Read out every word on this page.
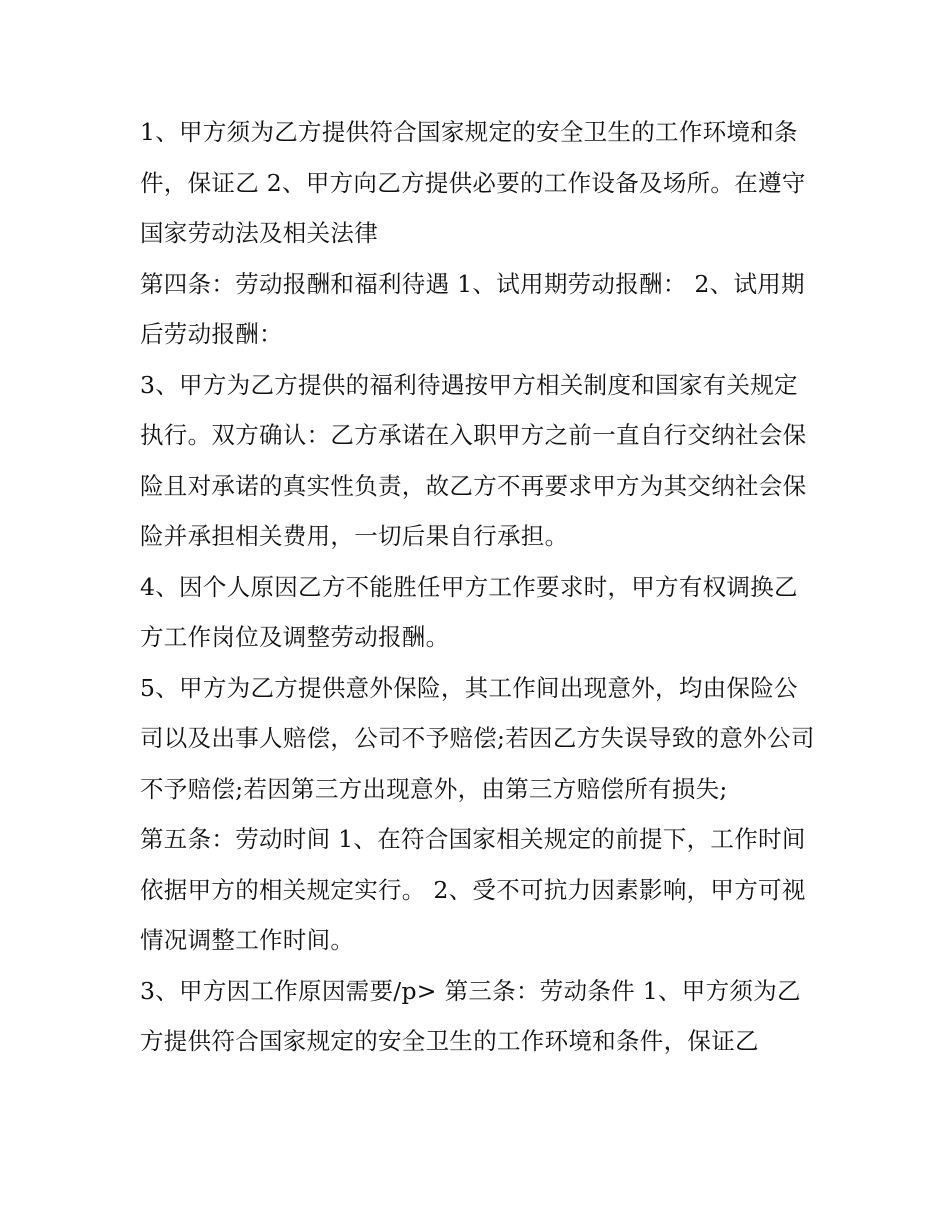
1、甲方须为乙方提供符合国家规定的安全卫生的工作环境和条件，保证乙 2、甲方向乙方提供必要的工作设备及场所。在遵守国家劳动法及相关法律

第四条：劳动报酬和福利待遇 1、试用期劳动报酬： 2、试用期后劳动报酬：

3、甲方为乙方提供的福利待遇按甲方相关制度和国家有关规定执行。双方确认：乙方承诺在入职甲方之前一直自行交纳社会保险且对承诺的真实性负责，故乙方不再要求甲方为其交纳社会保险并承担相关费用，一切后果自行承担。

4、因个人原因乙方不能胜任甲方工作要求时，甲方有权调换乙方工作岗位及调整劳动报酬。

5、甲方为乙方提供意外保险，其工作间出现意外，均由保险公司以及出事人赔偿，公司不予赔偿;若因乙方失误导致的意外公司不予赔偿;若因第三方出现意外，由第三方赔偿所有损失;

第五条：劳动时间 1、在符合国家相关规定的前提下，工作时间依据甲方的相关规定实行。 2、受不可抗力因素影响，甲方可视情况调整工作时间。

3、甲方因工作原因需要/p> 第三条：劳动条件 1、甲方须为乙方提供符合国家规定的安全卫生的工作环境和条件，保证乙
